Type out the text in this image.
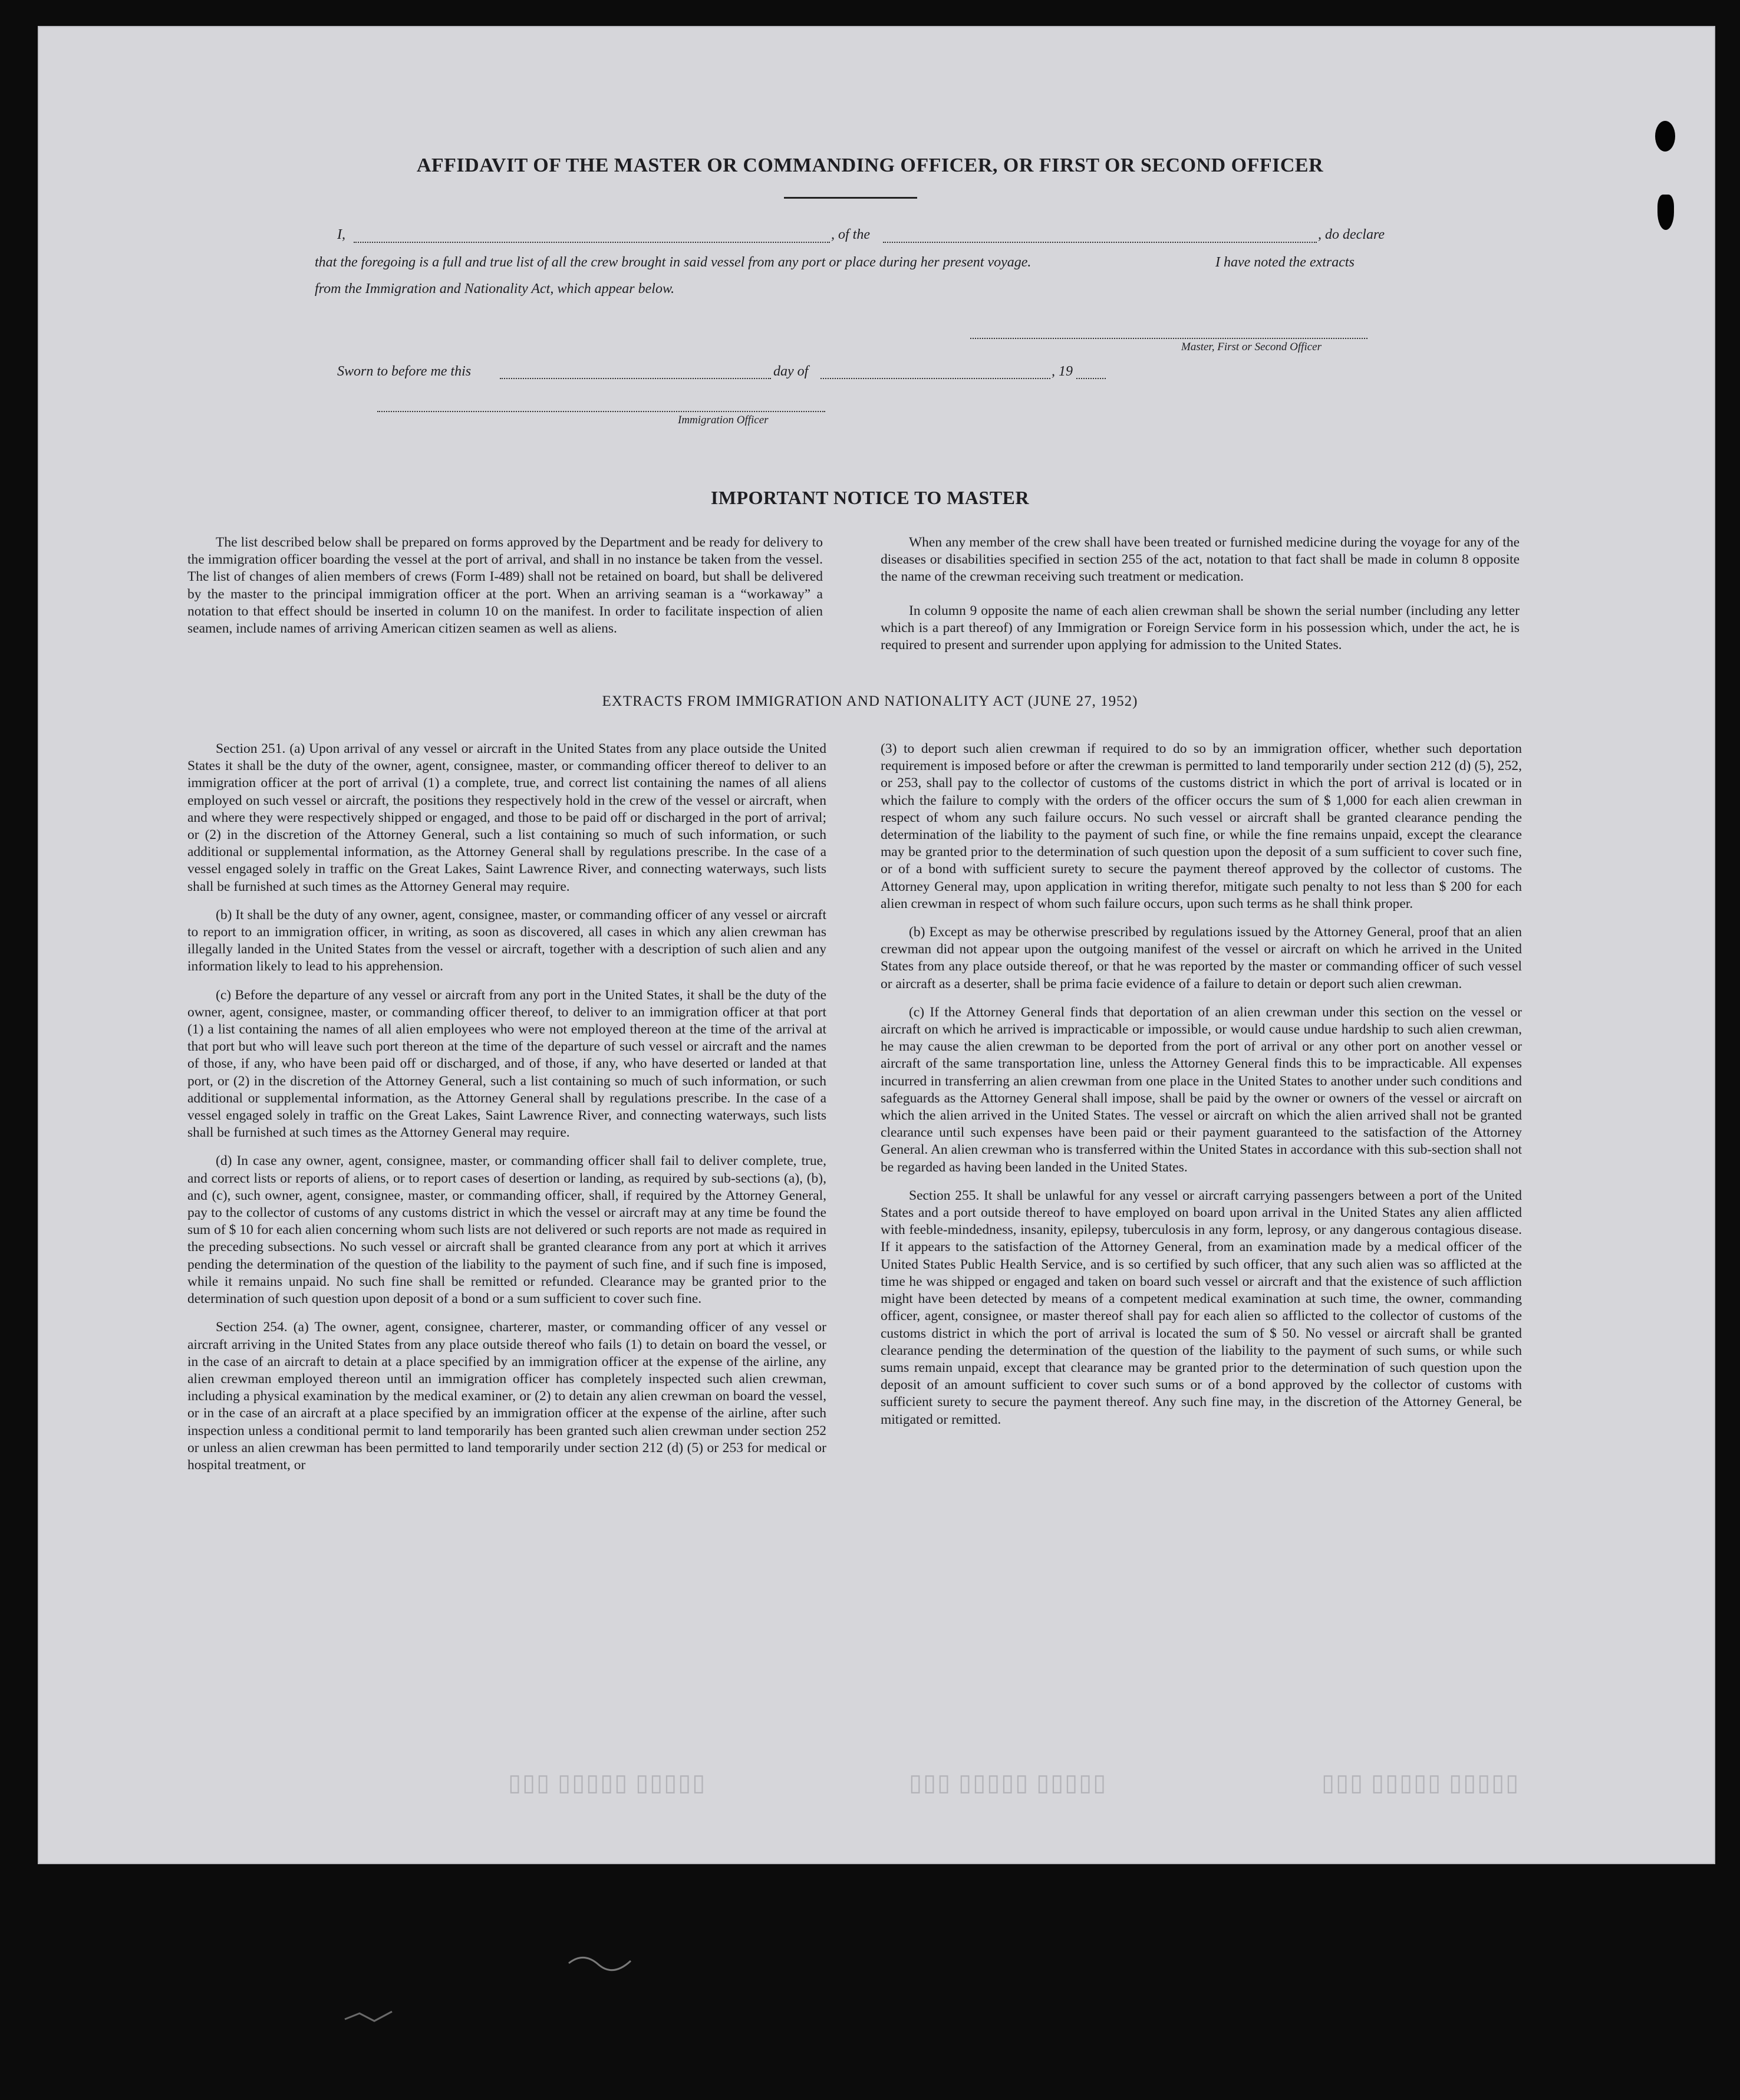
▯▯▯▯▯ ▯▯▯▯▯ ▯▯▯	▯▯▯▯▯ ▯▯▯▯▯ ▯▯▯	▯▯▯▯▯ ▯▯▯▯▯ ▯▯▯
AFFIDAVIT OF THE MASTER OR COMMANDING OFFICER, OR FIRST OR SECOND OFFICER
I,	, of the	, do declare
that the foregoing is a full and true list of all the crew brought in said vessel from any port or place during her present voyage.	I have noted the extracts
from the Immigration and Nationality Act, which appear below.
Master, First or Second Officer
Sworn to before me this	day of	, 19
Immigration Officer
IMPORTANT NOTICE TO MASTER

The list described below shall be prepared on forms approved by the Department and be ready for delivery to the immigration officer boarding the vessel at the port of arrival, and shall in no instance be taken from the vessel. The list of changes of alien members of crews (Form I-489) shall not be retained on board, but shall be delivered by the master to the principal immigration officer at the port. When an arriving seaman is a “workaway” a notation to that effect should be inserted in column 10 on the manifest. In order to facilitate inspection of alien seamen, include names of arriving American citizen seamen as well as aliens.

When any member of the crew shall have been treated or furnished medicine during the voyage for any of the diseases or disabilities specified in section 255 of the act, notation to that fact shall be made in column 8 opposite the name of the crewman receiving such treatment or medication.

In column 9 opposite the name of each alien crewman shall be shown the serial number (including any letter which is a part thereof) of any Immigration or Foreign Service form in his possession which, under the act, he is required to present and surrender upon applying for admission to the United States.

EXTRACTS FROM IMMIGRATION AND NATIONALITY ACT (JUNE 27, 1952)

Section 251. (a) Upon arrival of any vessel or aircraft in the United States from any place outside the United States it shall be the duty of the owner, agent, consignee, master, or commanding officer thereof to deliver to an immigration officer at the port of arrival (1) a complete, true, and correct list containing the names of all aliens employed on such vessel or aircraft, the positions they respectively hold in the crew of the vessel or aircraft, when and where they were respectively shipped or engaged, and those to be paid off or discharged in the port of arrival; or (2) in the discretion of the Attorney General, such a list containing so much of such information, or such additional or supplemental information, as the Attorney General shall by regulations prescribe. In the case of a vessel engaged solely in traffic on the Great Lakes, Saint Lawrence River, and connecting waterways, such lists shall be furnished at such times as the Attorney General may require.

(b) It shall be the duty of any owner, agent, consignee, master, or commanding officer of any vessel or aircraft to report to an immigration officer, in writing, as soon as discovered, all cases in which any alien crewman has illegally landed in the United States from the vessel or aircraft, together with a description of such alien and any information likely to lead to his apprehension.

(c) Before the departure of any vessel or aircraft from any port in the United States, it shall be the duty of the owner, agent, consignee, master, or commanding officer thereof, to deliver to an immigration officer at that port (1) a list containing the names of all alien employees who were not employed thereon at the time of the arrival at that port but who will leave such port thereon at the time of the departure of such vessel or aircraft and the names of those, if any, who have been paid off or discharged, and of those, if any, who have deserted or landed at that port, or (2) in the discretion of the Attorney General, such a list containing so much of such information, or such additional or supplemental information, as the Attorney General shall by regulations prescribe. In the case of a vessel engaged solely in traffic on the Great Lakes, Saint Lawrence River, and connecting waterways, such lists shall be furnished at such times as the Attorney General may require.

(d) In case any owner, agent, consignee, master, or commanding officer shall fail to deliver complete, true, and correct lists or reports of aliens, or to report cases of desertion or landing, as required by sub-sections (a), (b), and (c), such owner, agent, consignee, master, or commanding officer, shall, if required by the Attorney General, pay to the collector of customs of any customs district in which the vessel or aircraft may at any time be found the sum of $ 10 for each alien concerning whom such lists are not delivered or such reports are not made as required in the preceding subsections. No such vessel or aircraft shall be granted clearance from any port at which it arrives pending the determination of the question of the liability to the payment of such fine, and if such fine is imposed, while it remains unpaid. No such fine shall be remitted or refunded. Clearance may be granted prior to the determination of such question upon deposit of a bond or a sum sufficient to cover such fine.

Section 254. (a) The owner, agent, consignee, charterer, master, or commanding officer of any vessel or aircraft arriving in the United States from any place outside thereof who fails (1) to detain on board the vessel, or in the case of an aircraft to detain at a place specified by an immigration officer at the expense of the airline, any alien crewman employed thereon until an immigration officer has completely inspected such alien crewman, including a physical examination by the medical examiner, or (2) to detain any alien crewman on board the vessel, or in the case of an aircraft at a place specified by an immigration officer at the expense of the airline, after such inspection unless a conditional permit to land temporarily has been granted such alien crewman under section 252 or unless an alien crewman has been permitted to land temporarily under section 212 (d) (5) or 253 for medical or hospital treatment, or

(3) to deport such alien crewman if required to do so by an immigration officer, whether such deportation requirement is imposed before or after the crewman is permitted to land temporarily under section 212 (d) (5), 252, or 253, shall pay to the collector of customs of the customs district in which the port of arrival is located or in which the failure to comply with the orders of the officer occurs the sum of $ 1,000 for each alien crewman in respect of whom any such failure occurs. No such vessel or aircraft shall be granted clearance pending the determination of the liability to the payment of such fine, or while the fine remains unpaid, except the clearance may be granted prior to the determination of such question upon the deposit of a sum sufficient to cover such fine, or of a bond with sufficient surety to secure the payment thereof approved by the collector of customs. The Attorney General may, upon application in writing therefor, mitigate such penalty to not less than $ 200 for each alien crewman in respect of whom such failure occurs, upon such terms as he shall think proper.

(b) Except as may be otherwise prescribed by regulations issued by the Attorney General, proof that an alien crewman did not appear upon the outgoing manifest of the vessel or aircraft on which he arrived in the United States from any place outside thereof, or that he was reported by the master or commanding officer of such vessel or aircraft as a deserter, shall be prima facie evidence of a failure to detain or deport such alien crewman.

(c) If the Attorney General finds that deportation of an alien crewman under this section on the vessel or aircraft on which he arrived is impracticable or impossible, or would cause undue hardship to such alien crewman, he may cause the alien crewman to be deported from the port of arrival or any other port on another vessel or aircraft of the same transportation line, unless the Attorney General finds this to be impracticable. All expenses incurred in transferring an alien crewman from one place in the United States to another under such conditions and safeguards as the Attorney General shall impose, shall be paid by the owner or owners of the vessel or aircraft on which the alien arrived in the United States. The vessel or aircraft on which the alien arrived shall not be granted clearance until such expenses have been paid or their payment guaranteed to the satisfaction of the Attorney General. An alien crewman who is transferred within the United States in accordance with this sub-section shall not be regarded as having been landed in the United States.

Section 255. It shall be unlawful for any vessel or aircraft carrying passengers between a port of the United States and a port outside thereof to have employed on board upon arrival in the United States any alien afflicted with feeble-mindedness, insanity, epilepsy, tuberculosis in any form, leprosy, or any dangerous contagious disease. If it appears to the satisfaction of the Attorney General, from an examination made by a medical officer of the United States Public Health Service, and is so certified by such officer, that any such alien was so afflicted at the time he was shipped or engaged and taken on board such vessel or aircraft and that the existence of such affliction might have been detected by means of a competent medical examination at such time, the owner, commanding officer, agent, consignee, or master thereof shall pay for each alien so afflicted to the collector of customs of the customs district in which the port of arrival is located the sum of $ 50. No vessel or aircraft shall be granted clearance pending the determination of the question of the liability to the payment of such sums, or while such sums remain unpaid, except that clearance may be granted prior to the determination of such question upon the deposit of an amount sufficient to cover such sums or of a bond approved by the collector of customs with sufficient surety to secure the payment thereof. Any such fine may, in the discretion of the Attorney General, be mitigated or remitted.
